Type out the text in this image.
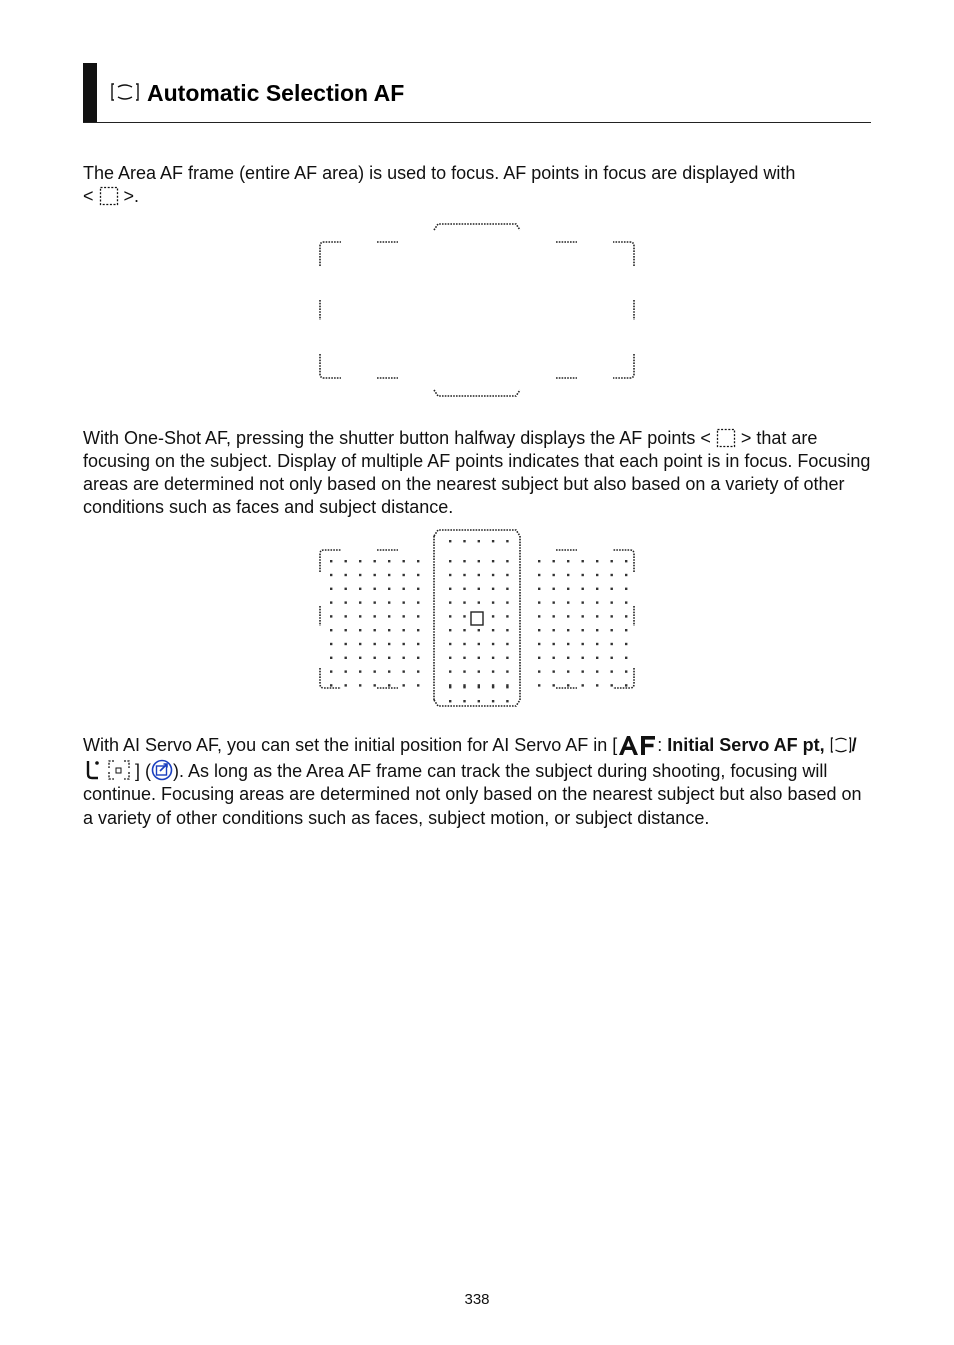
Automatic Selection AF
The Area AF frame (entire AF area) is used to focus. AF points in focus are displayed with
< >.
With One-Shot AF, pressing the shutter button halfway displays the AF points < > that are focusing on the subject. Display of multiple AF points indicates that each point is in focus. Focusing areas are determined not only based on the nearest subject but also based on a variety of other conditions such as faces and subject distance.
With AI Servo AF, you can set the initial position for AI Servo AF in [ : Initial Servo AF pt, /] ( ). As long as the Area AF frame can track the subject during shooting, focusing will continue. Focusing areas are determined not only based on the nearest subject but also based on a variety of other conditions such as faces, subject motion, or subject distance.
338
